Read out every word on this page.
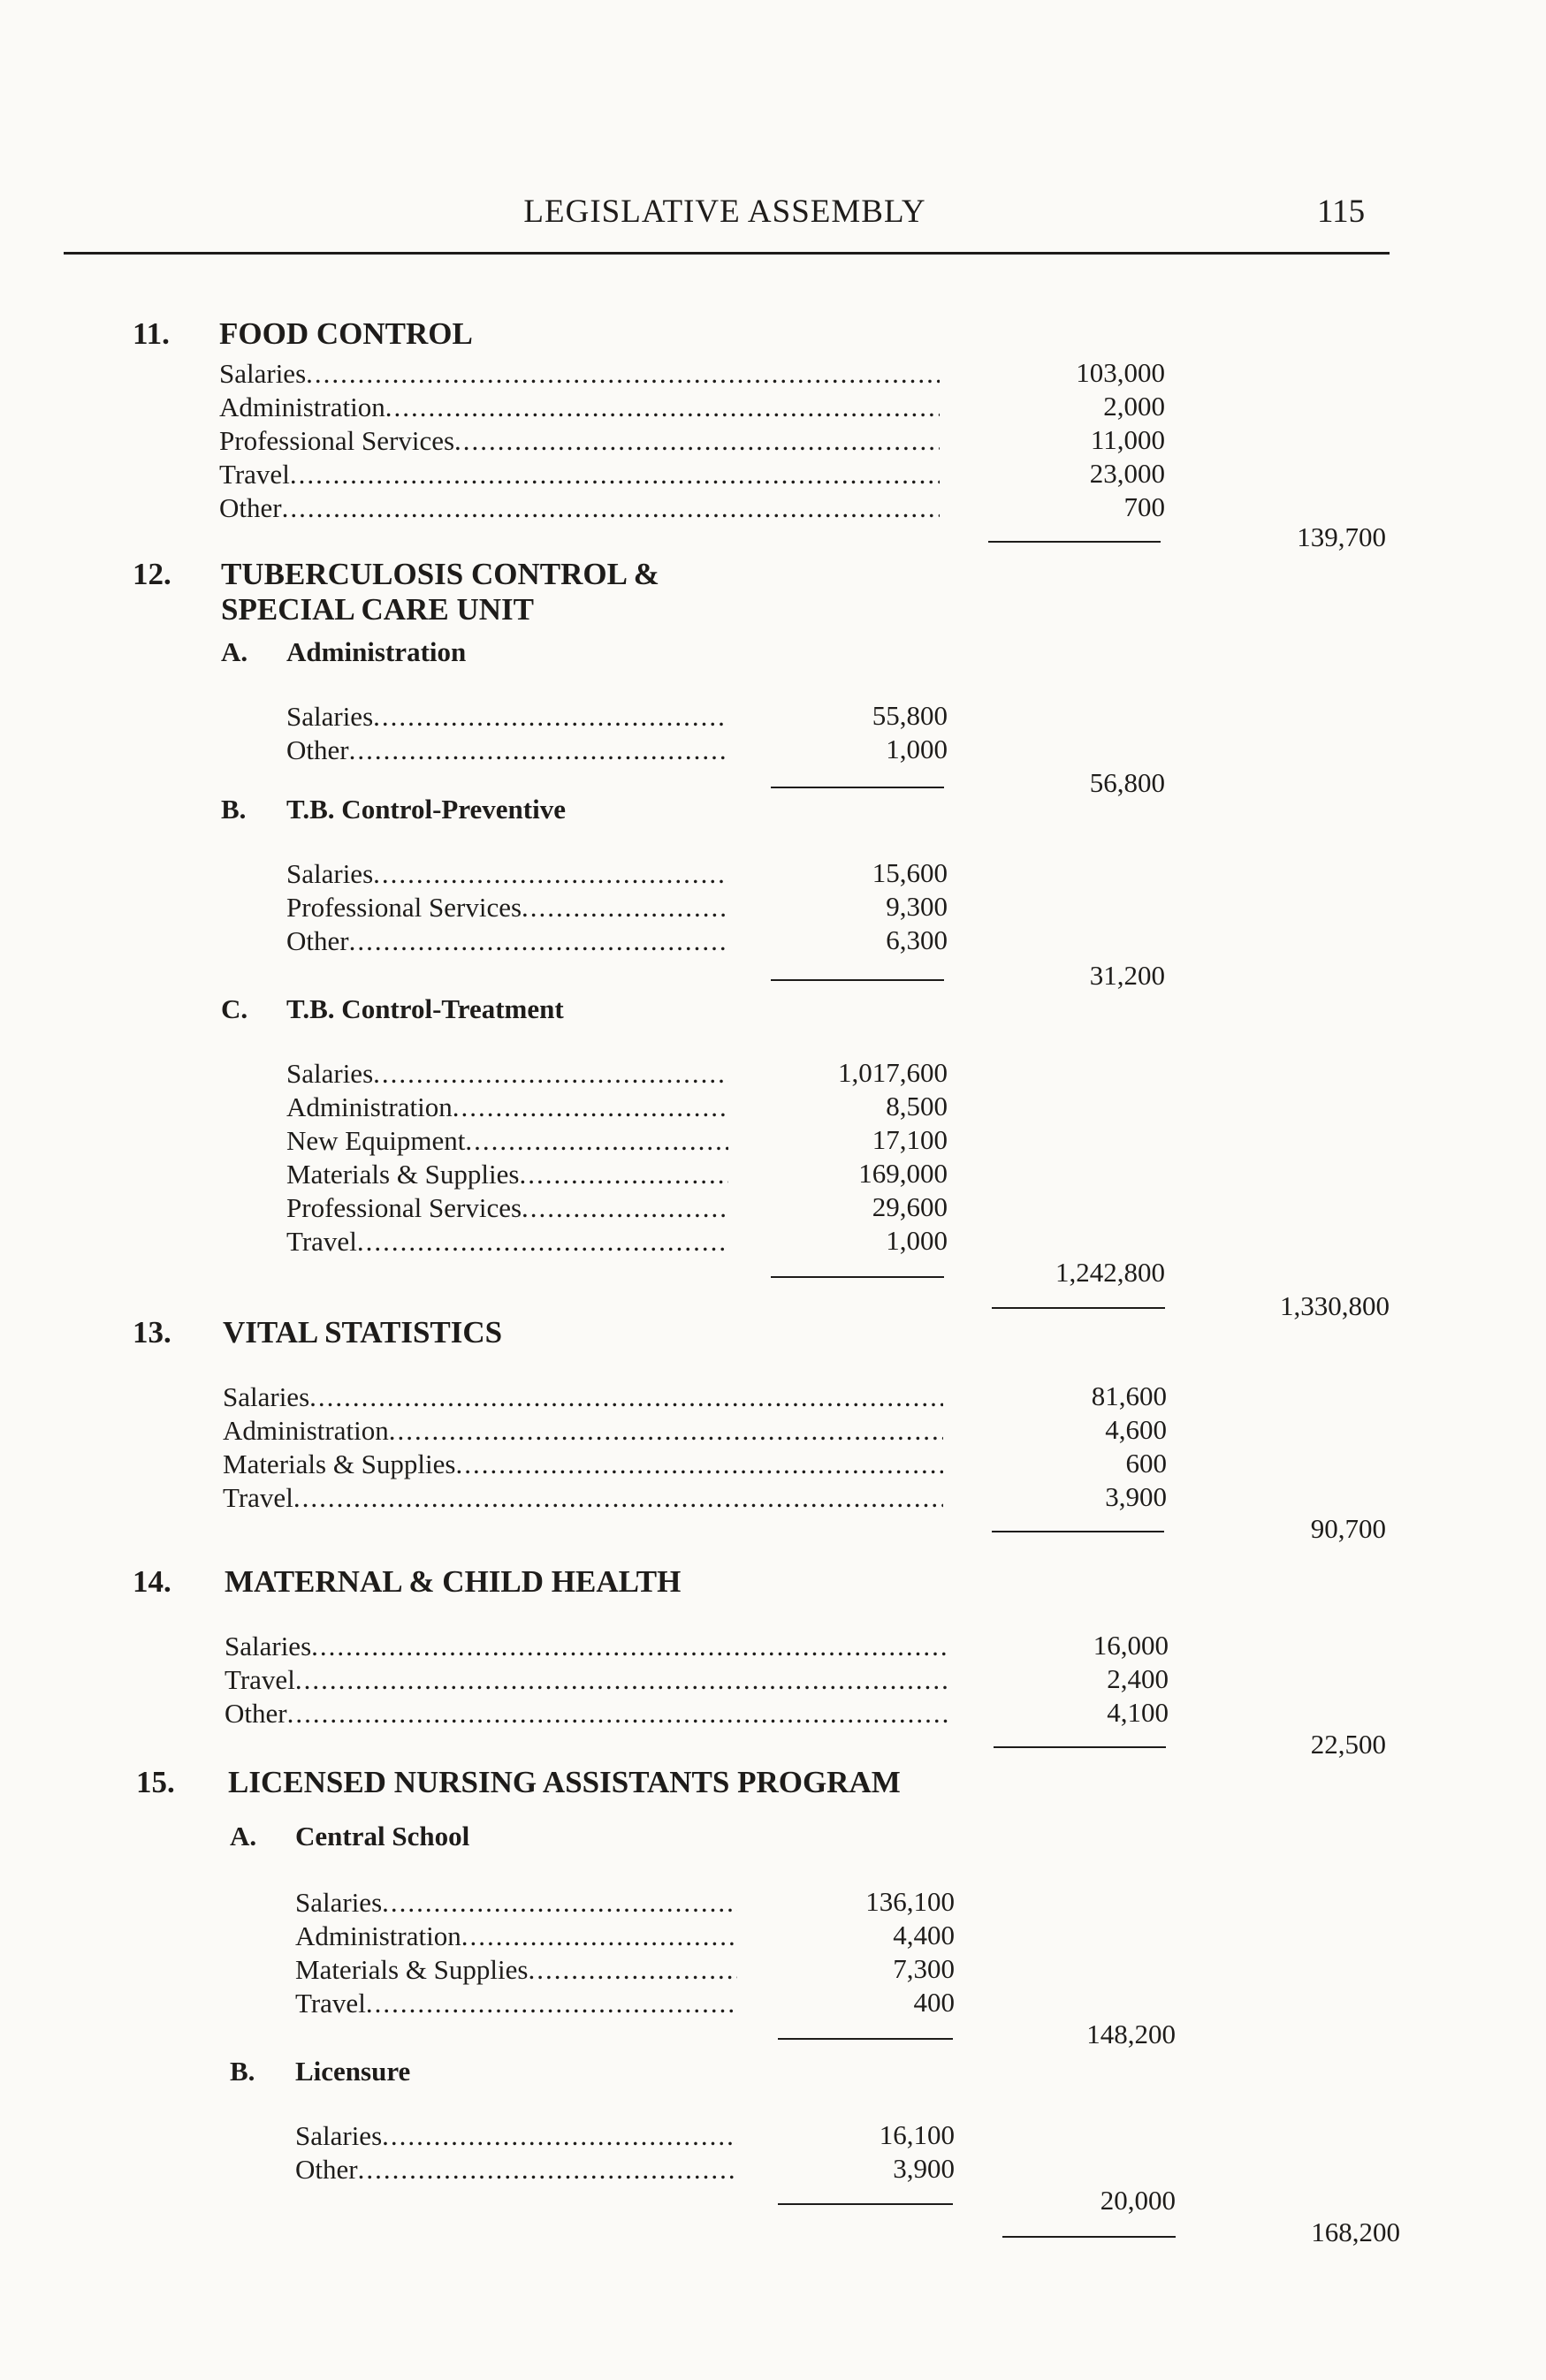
LEGISLATIVE ASSEMBLY	115
11. FOOD CONTROL
Salaries .....	103,000
Administration .....	2,000
Professional Services .....	11,000
Travel .....	23,000
Other .....	700
139,700
13. VITAL STATISTICS
Salaries .....	81,600
Administration .....	4,600
Materials & Supplies .....	600
Travel .....	3,900
90,700
14. MATERNAL & CHILD HEALTH
Salaries .....	16,000
Travel .....	2,400
Other .....	4,100
22,500
12. TUBERCULOSIS CONTROL &
SPECIAL CARE UNIT
A. Administration
Salaries .....	55,800
Other .....	1,000
56,800
B. T.B. Control-Preventive
Salaries .....	15,600
Professional Services .....	9,300
Other .....	6,300
31,200
C. T.B. Control-Treatment
Salaries .....	1,017,600
Administration .....	8,500
New Equipment .....	17,100
Materials & Supplies .....	169,000
Professional Services .....	29,600
Travel .....	1,000
1,242,800
1,330,800
15. LICENSED NURSING ASSISTANTS PROGRAM
A. Central School
Salaries .....	136,100
Administration .....	4,400
Materials & Supplies .....	7,300
Travel .....	400
148,200
B. Licensure
Salaries .....	16,100
Other .....	3,900
20,000
168,200
